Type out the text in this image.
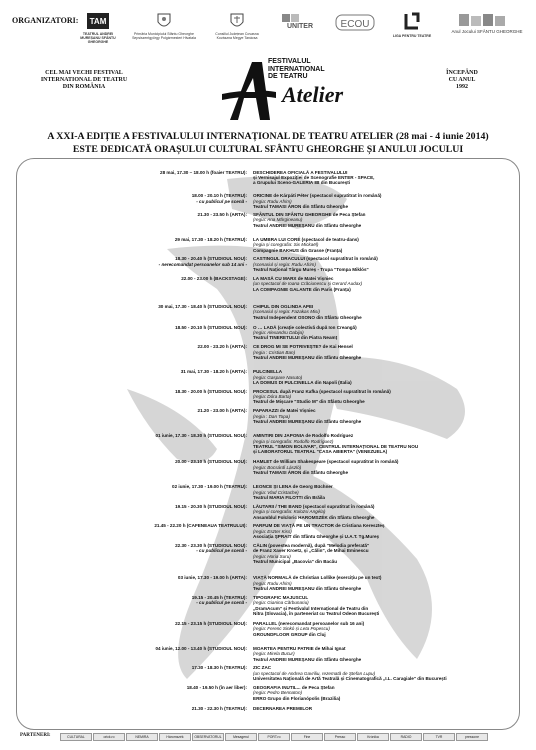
ORGANIZATORI: TAM
TEATRUL ANDREI MUREȘANU SFÂNTU GHEORGHE
Primăria Municipiului Sfântu Gheorghe Sepsiszentgyörgy Polgármesteri Hivatala
Consiliul Județean Covasna Kovászna Megye Tanácsa
UNITER	ECOU
LIGA PENTRU TEATRE
Anul Jocului SFÂNTU GHEORGHE
CEL MAI VECHI FESTIVAL
INTERNATIONAL DE TEATRU
DIN ROMÂNIA
FESTIVALUL
INTERNATIONAL
DE TEATRU
Atelier
ÎNCEPÂND
CU ANUL
1992
A XXI-A EDIȚIE A FESTIVALULUI INTERNAȚIONAL DE TEATRU ATELIER (28 mai - 4 iunie 2014)
ESTE DEDICATĂ ORAȘULUI CULTURAL SFÂNTU GHEORGHE ȘI ANULUI JOCULUI
28 mai, 17.30 – 18.00 h (foaier TEATRU): DESCHIDEREA OFICIALĂ A FESTIVALULUI
și Vernisajul Expoziției de Scenografie ENTER - SPACE,
a Grupului Sceno-GALERIA 88 din București
18.00 - 20.10 h (TEATRU):
- cu publicul pe scenă -
ORICINE de Kárpáti Péter (spectacol supratitrat în română)
(regia: Radu Afrim)
Teatrul TAMASI ÁRON din Sfântu Gheorghe
21.30 - 23.50 h (ARTA): SFÂNTUL DIN SFÂNTU GHEORGHE de Peca Ștefan
(regia: Ana Mărgineanu)
Teatrul ANDREI MUREȘANU din Sfântu Gheorghe
29 mai, 17.30 - 18.20 h (TEATRU): LA UMBRA LUI CORÉ (spectacol de teatru-dans)
(regia și coregrafia: Six Mickaël)
Compagnie BAKHUS din Grasse (Franța)
18.30 - 20.40 h (STUDIOUL NOU):
- nerecomandat persoanelor sub 14 ani -
CASTINGUL DRACULUI (spectacol supratitrat în română)
(scenariul și regia: Radu Afrim)
Teatrul Național Târgu Mureș - Trupa "Tompa Miklós"
22.00 - 23.00 h (BACKSTAGE): LA MASĂ CU MARX de Matei Vișniec
(un spectacol de Ioana Crăciunescu și Gerard Audax)
LA COMPAGNIE GALANTE din Paris (Franța)
30 mai, 17.30 - 18.40 h (STUDIOUL NOU): CHIPUL DIN OGLINDA APEI
(scenariul și regia: Fazakas Misi)
Teatrul Independent OSONO din Sfântu Gheorghe
18.50 - 20.10 h (STUDIOUL NOU): O … LADĂ (creație colectivă după Ion Creangă)
(regia: Alexandru Dabija)
Teatrul TINERETULUI din Piatra Neamț
22.00 - 23.20 h (ARTA): CE DROG MI SE POTRIVEȘTE? de Kai Hensel
(regia : Cristian Ban)
Teatrul ANDREI MUREȘANU din Sfântu Gheorghe
31 mai, 17.30 - 18.20 h (ARTA): PULCINELLA
(regia: Gaspare Nasuto)
LA DOMUS DI PULCINELLA din Napoli (Italia)
18.30 - 20.00 h (STUDIOUL NOU): PROCESUL după Franz Kafka (spectacol supratitrat în română)
(regia: Dóra Barta)
Teatrul de Mișcare "Studio M" din Sfântu Gheorghe
21.20 - 23.00 h (ARTA): PAPARAZZI de Matei Vișniec
(regia : Dan Topa)
Teatrul ANDREI MUREȘANU din Sfântu Gheorghe
01 iunie, 17.30 - 18.30 h (STUDIOUL NOU): AMINTIRI DIN JAPONIA de Rodolfo Rodríguez
(regia și coregrafia: Rodolfo Rodríguez)
TEATRUL "SIMON BOLIVAR", CENTRUL INTERNAȚIONAL DE TEATRU NOU
și LABORATORUL TEATRAL "CASA ABIERTA" (VENEZUELA)
20.00 - 23.10 h (STUDIOUL NOU): HAMLET de William Shakespeare (spectacol supratitrat în română)
(regia: Bocsárdi László)
Teatrul TAMASI ÁRON din Sfântu Gheorghe
02 iunie, 17.30 - 19.00 h (TEATRU): LEONCE ȘI LENA de Georg Büchner
(regia: Vlad Cristache)
Teatrul MARIA FILOTTI din Brăila
19.15 - 20.30 h (STUDIOUL NOU): LĂUTARII / THE BAND (spectacol supratitrat în română)
(regia și coregrafia: Kolozsi Angéla)
Ansamblul Folcloric HAROMSZÉK din Sfântu Gheorghe
21.45 - 22.20 h (CAFENEAUA TEATRULUI): PARFUM DE VIAȚĂ PE UN TRACTOR de Cristiana Kereszteș
(regia: Eszter Kiss)
Asociația ȘPRAIT din Sfântu Gheorghe și U.A.T. Tg.Mureș
22.30 - 23.30 h (STUDIOUL NOU):
- cu publicul pe scenă -
CĂLIN (povestea modernă), după "Melodia preferată"
de Franz Xaver Kroetz, și „Călin", de Mihai Eminescu
(regia: Horia Suru)
Teatrul Municipal „Bacovia" din Bacău
03 iunie, 17.30 - 19.00 h (ARTA): VIAȚĂ NORMALĂ de Christian Lollike (exercițiu pe un text)
(regia: Radu Afrim)
Teatrul ANDREI MUREȘANU din Sfântu Gheorghe
19.15 - 20.45 h (TEATRU):
- cu publicul pe scenă -
TIPOGRAFIC MAJUSCUL
(regia: Gianina Cărbunariu)
„DramAcum" și Festivalul Internațional de Teatru din
Nitra (Slovacia), în parteneriat cu Teatrul Odeon București
22.15 - 23.15 h (STUDIOUL NOU): PARALLEL (nerecomandat persoanelor sub 16 ani)
(regia: Ferenc Sinkó și Leta Popescu)
GROUNDFLOOR GROUP din Cluj
04 iunie, 12.00 - 13.40 h (STUDIOUL NOU): MOARTEA PENTRU PATRIE de Mihai Ignat
(regia: Mirela Bucur)
Teatrul ANDREI MUREȘANU din Sfântu Gheorghe
17.30 - 18.30 h (TEATRU): ZIC ZAC
(un spectacol de Andrea Gavriliu, rezemată de Ștefan Lupu)
Universitatea Națională de Artă Teatrală și Cinematografică „I.L. Caragiale" din București
18.40 - 19.50 h (în aer liber): GEOGRAFIA INUTIL... de Peca Ștefan
(regia: Pedro Bennaton)
ERRO Grupo din Florianópolis (Brazilia)
21.30 - 22.30 h (TEATRU): DECERNAREA PREMIILOR
PARTENERI:	CULTURAL	orick.ro	NEMIRA	Háromszék	OBSERVATORUL	Mesagerul	PORT.ro	Fine	Presso	Krónika	RADIO	TVR	pressone
